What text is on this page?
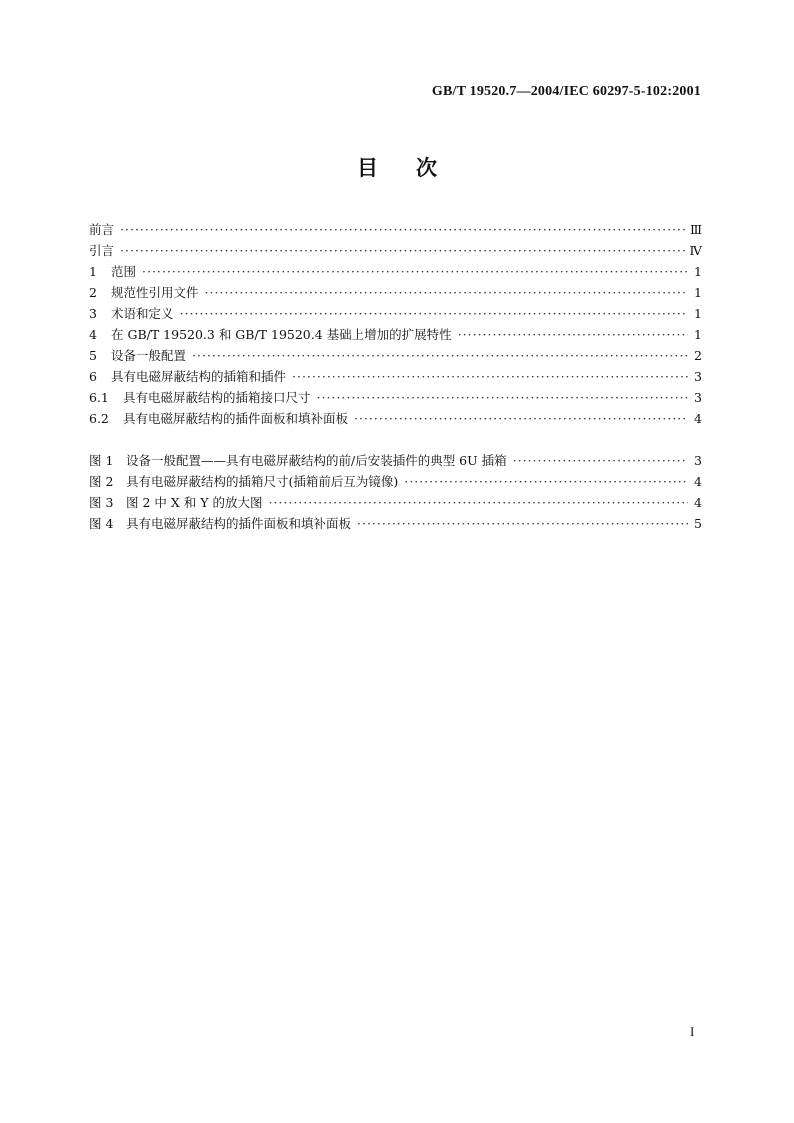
GB/T 19520.7—2004/IEC 60297-5-102:2001
目次
前言 ·····	Ⅲ
引言 ·····	Ⅳ
1 范围 ·····	1
2 规范性引用文件 ·····	1
3 术语和定义 ·····	1
4 在 GB/T 19520.3 和 GB/T 19520.4 基础上增加的扩展特性 ·····	1
5 设备一般配置 ·····	2
6 具有电磁屏蔽结构的插箱和插件 ·····	3
6.1 具有电磁屏蔽结构的插箱接口尺寸 ·····	3
6.2 具有电磁屏蔽结构的插件面板和填补面板 ·····	4
图 1 设备一般配置——具有电磁屏蔽结构的前/后安装插件的典型 6U 插箱 ·····	3
图 2 具有电磁屏蔽结构的插箱尺寸(插箱前后互为镜像) ·····	4
图 3 图 2 中 X 和 Y 的放大图 ·····	4
图 4 具有电磁屏蔽结构的插件面板和填补面板 ·····	5
I
